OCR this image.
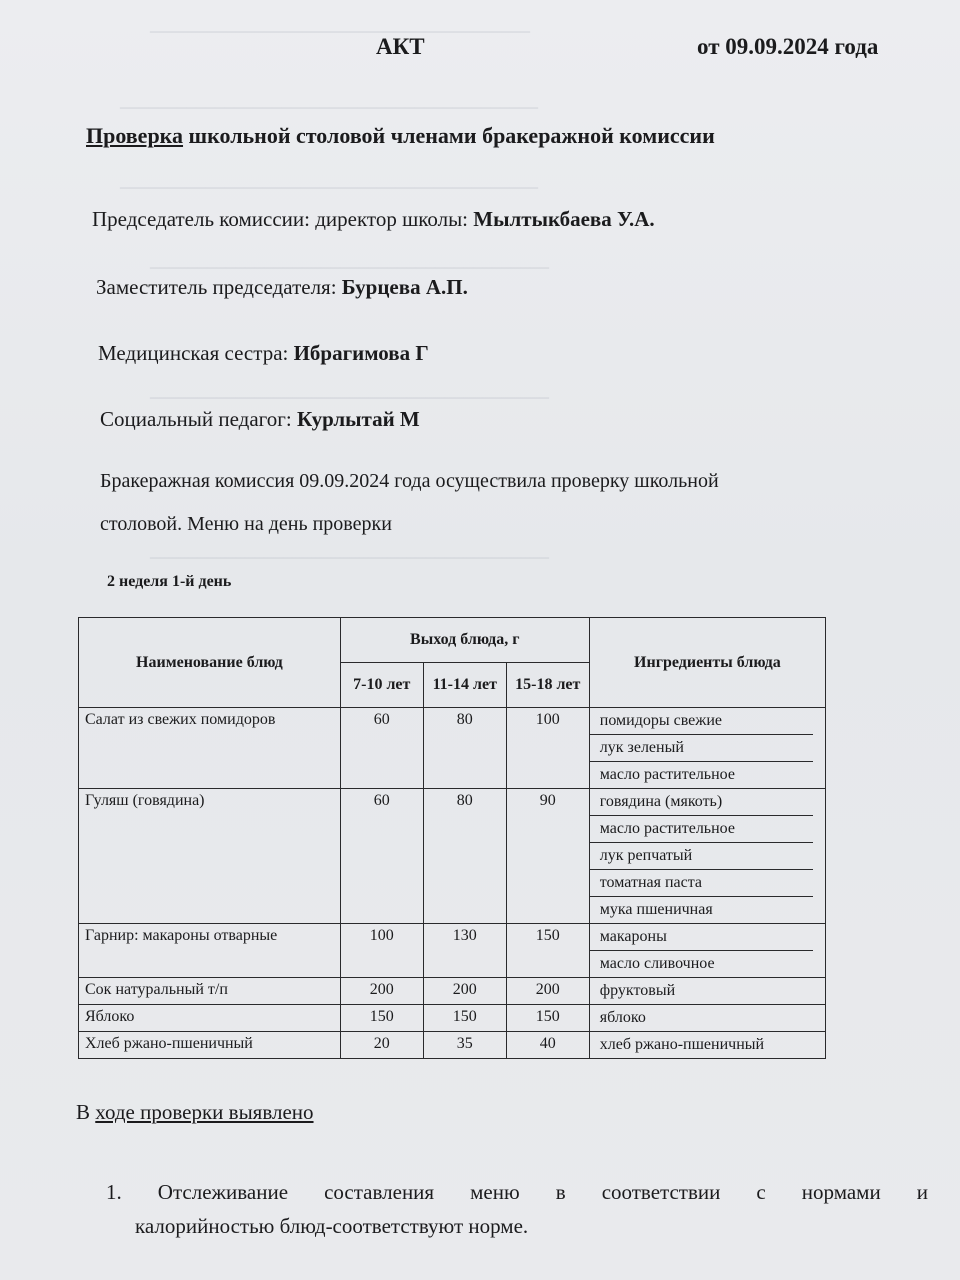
________________________________________
____________________________________________
____________________________________________
__________________________________________
__________________________________________
__________________________________________
АКТ	от 09.09.2024 года
Проверка школьной столовой членами бракеражной комиссии
Председатель комиссии: директор школы: Мылтыкбаева У.А.
Заместитель председателя: Бурцева А.П.
Медицинская сестра: Ибрагимова Г
Социальный педагог: Курлытай М
Бракеражная комиссия 09.09.2024 года осуществила проверку школьной
столовой. Меню на день проверки
2 неделя 1-й день
Наименование блюд	Выход блюда, г			Ингредиенты блюда
	7-10 лет	11-14 лет	15-18 лет	
Салат из свежих помидоров	60	80	100	помидоры свежие
лук зеленый
масло растительное

Гуляш (говядина)	60	80	90	говядина (мякоть)
масло растительное
лук репчатый
томатная паста
мука пшеничная

Гарнир: макароны отварные	100	130	150	макароны
масло сливочное

Сок натуральный т/п	200	200	200	фруктовый

Яблоко	150	150	150	яблоко

Хлеб ржано-пшеничный	20	35	40	хлеб ржано-пшеничный
В ходе проверки выявлено
1. Отслеживание составления меню в соответствии с нормами и
калорийностью блюд-соответствуют норме.
